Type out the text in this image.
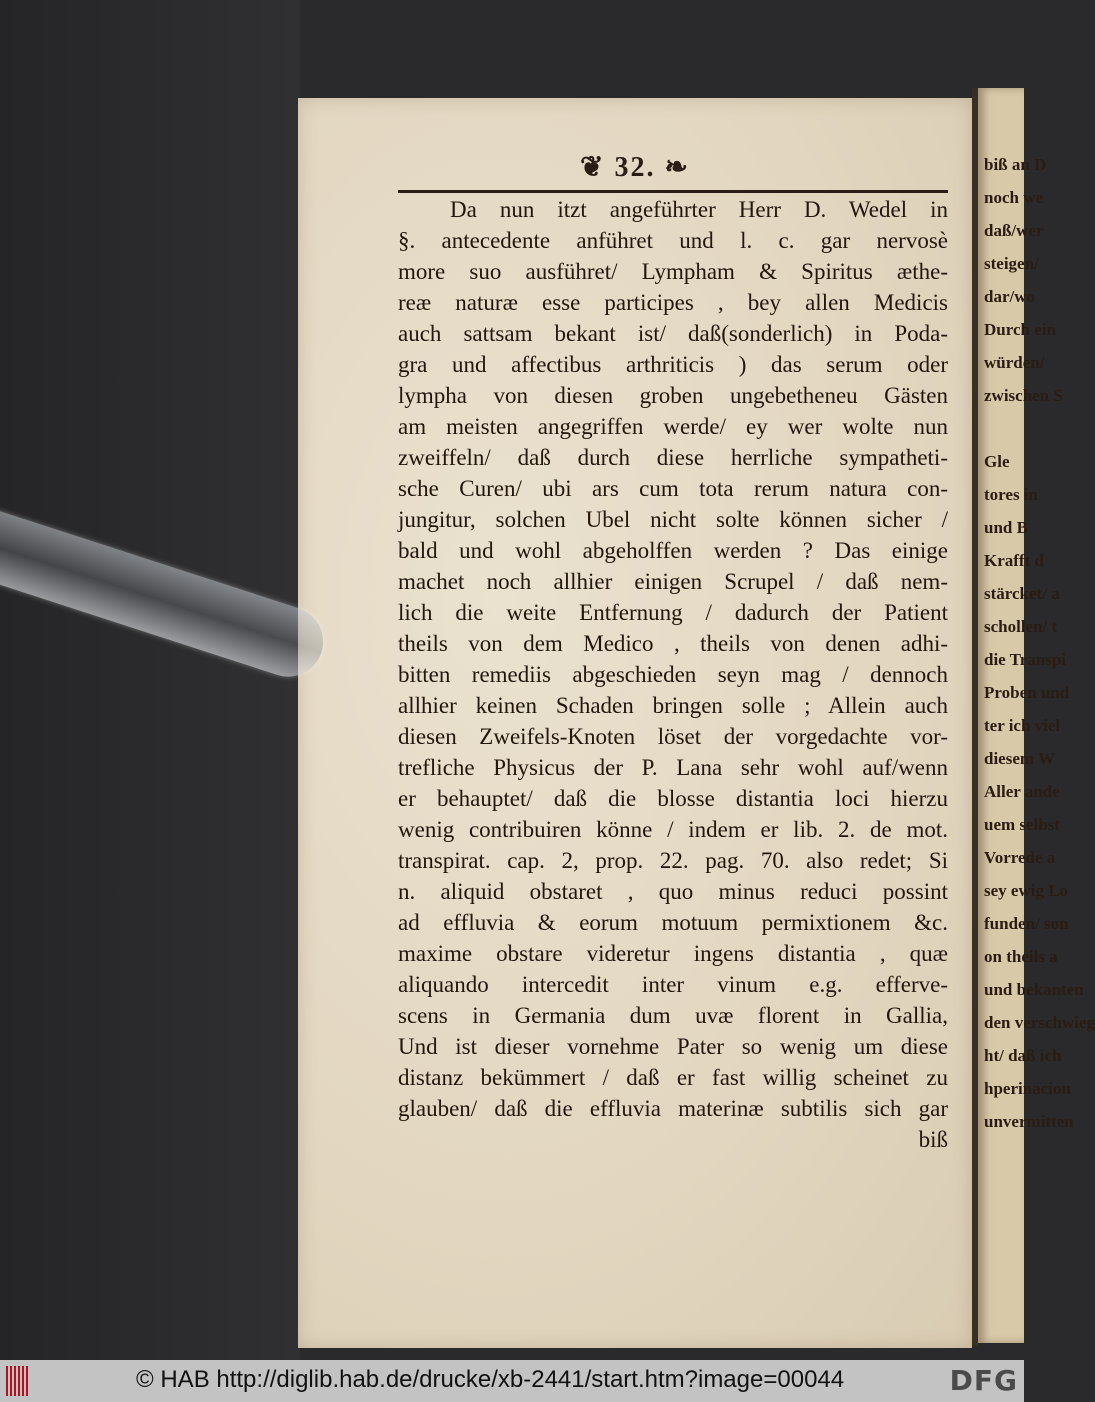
❦ 32. ❧
Da nun itzt angeführter Herr D. Wedel in
§. antecedente anführet und l. c. gar nervosè
more suo ausführet/ Lympham & Spiritus æthe-
reæ naturæ esse participes , bey allen Medicis
auch sattsam bekant ist/ daß(sonderlich) in Poda-
gra und affectibus arthriticis ) das serum oder
lympha von diesen groben ungebetheneu Gästen
am meisten angegriffen werde/ ey wer wolte nun
zweiffeln/ daß durch diese herrliche sympatheti-
sche Curen/ ubi ars cum tota rerum natura con-
jungitur, solchen Ubel nicht solte können sicher /
bald und wohl abgeholffen werden ? Das einige
machet noch allhier einigen Scrupel / daß nem-
lich die weite Entfernung / dadurch der Patient
theils von dem Medico , theils von denen adhi-
bitten remediis abgeschieden seyn mag / dennoch
allhier keinen Schaden bringen solle ; Allein auch
diesen Zweifels-Knoten löset der vorgedachte vor-
trefliche Physicus der P. Lana sehr wohl auf/wenn
er behauptet/ daß die blosse distantia loci hierzu
wenig contribuiren könne / indem er lib. 2. de mot.
transpirat. cap. 2, prop. 22. pag. 70. also redet; Si
n. aliquid obstaret , quo minus reduci possint
ad effluvia & eorum motuum permixtionem &c.
maxime obstare videretur ingens distantia , quæ
aliquando intercedit inter vinum e.g. efferve-
scens in Germania dum uvæ florent in Gallia,
Und ist dieser vornehme Pater so wenig um diese
distanz bekümmert / daß er fast willig scheinet zu
glauben/ daß die effluvia materinæ subtilis sich gar
biß
biß an D
noch we
daß/wer
steigen/
dar/wo
Durch ein
würden/
zwischen S
Gle
tores in
und B
Krafft d
stärcket/ a
schollen/ t
die Transpi
Proben und
ter ich viel
diesem W
Aller ande
uem selbst
Vorrede a
sey ewig Lo
funden/ son
on theils a
und bekanten
den verschwieg
ht/ daß ich
hperinacion
unvermitten
© HAB http://diglib.hab.de/drucke/xb-2441/start.htm?image=00044	DFG
